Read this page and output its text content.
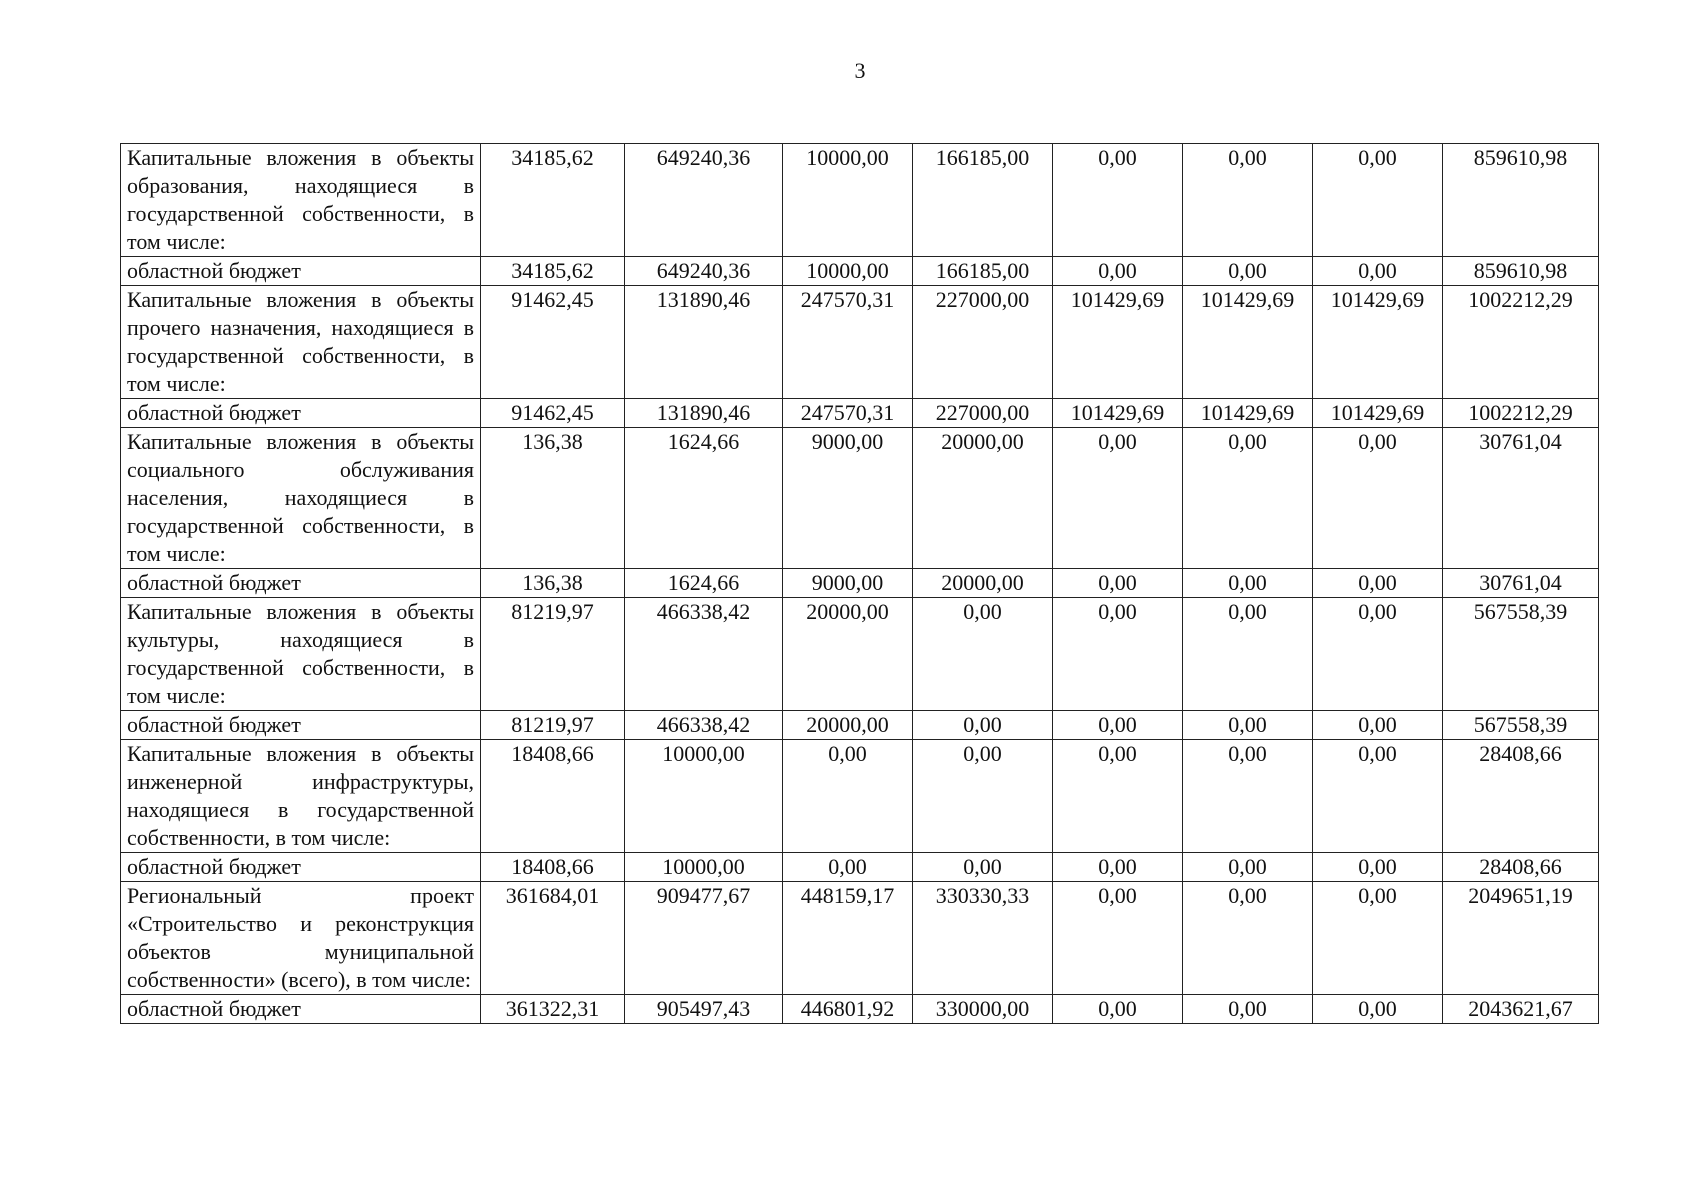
3
Капитальные вложения в объекты образования, находящиеся в государственной собственности, в том числе:	34185,62	649240,36	10000,00	166185,00	0,00	0,00	0,00	859610,98
областной бюджет	34185,62	649240,36	10000,00	166185,00	0,00	0,00	0,00	859610,98
Капитальные вложения в объекты прочего назначения, находящиеся в государственной собственности, в том числе:	91462,45	131890,46	247570,31	227000,00	101429,69	101429,69	101429,69	1002212,29
областной бюджет	91462,45	131890,46	247570,31	227000,00	101429,69	101429,69	101429,69	1002212,29
Капитальные вложения в объекты социального обслуживания населения, находящиеся в государственной собственности, в том числе:	136,38	1624,66	9000,00	20000,00	0,00	0,00	0,00	30761,04
областной бюджет	136,38	1624,66	9000,00	20000,00	0,00	0,00	0,00	30761,04
Капитальные вложения в объекты культуры, находящиеся в государственной собственности, в том числе:	81219,97	466338,42	20000,00	0,00	0,00	0,00	0,00	567558,39
областной бюджет	81219,97	466338,42	20000,00	0,00	0,00	0,00	0,00	567558,39
Капитальные вложения в объекты инженерной инфраструктуры, находящиеся в государственной собственности, в том числе:	18408,66	10000,00	0,00	0,00	0,00	0,00	0,00	28408,66
областной бюджет	18408,66	10000,00	0,00	0,00	0,00	0,00	0,00	28408,66
Региональный проект «Строительство и реконструкция объектов муниципальной собственности» (всего), в том числе:	361684,01	909477,67	448159,17	330330,33	0,00	0,00	0,00	2049651,19
областной бюджет	361322,31	905497,43	446801,92	330000,00	0,00	0,00	0,00	2043621,67
